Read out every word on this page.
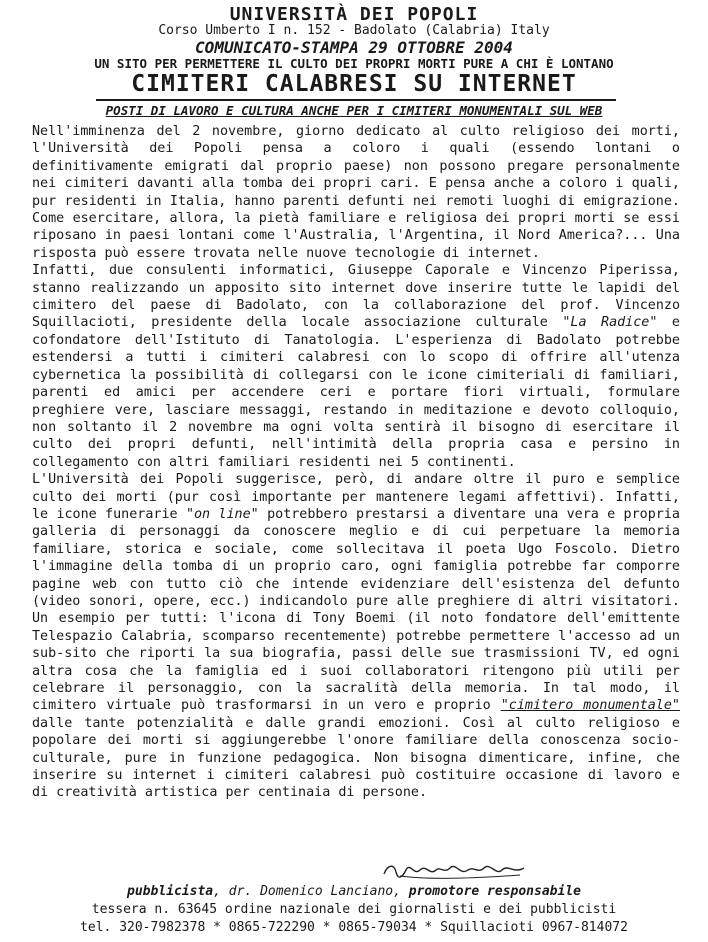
UNIVERSITÀ DEI POPOLI
Corso Umberto I n. 152 - Badolato (Calabria) Italy
COMUNICATO-STAMPA 29 OTTOBRE 2004
UN SITO PER PERMETTERE IL CULTO DEI PROPRI MORTI PURE A CHI È LONTANO
CIMITERI CALABRESI SU INTERNET
POSTI DI LAVORO E CULTURA ANCHE PER I CIMITERI MONUMENTALI SUL WEB

Nell'imminenza del 2 novembre, giorno dedicato al culto religioso dei morti, l'Università dei Popoli pensa a coloro i quali (essendo lontani o definitivamente emigrati dal proprio paese) non possono pregare personalmente nei cimiteri davanti alla tomba dei propri cari. E pensa anche a coloro i quali, pur residenti in Italia, hanno parenti defunti nei remoti luoghi di emigrazione. Come esercitare, allora, la pietà familiare e religiosa dei propri morti se essi riposano in paesi lontani come l'Australia, l'Argentina, il Nord America?... Una risposta può essere trovata nelle nuove tecnologie di internet.

Infatti, due consulenti informatici, Giuseppe Caporale e Vincenzo Piperissa, stanno realizzando un apposito sito internet dove inserire tutte le lapidi del cimitero del paese di Badolato, con la collaborazione del prof. Vincenzo Squillacioti, presidente della locale associazione culturale "La Radice" e cofondatore dell'Istituto di Tanatologia. L'esperienza di Badolato potrebbe estendersi a tutti i cimiteri calabresi con lo scopo di offrire all'utenza cybernetica la possibilità di collegarsi con le icone cimiteriali di familiari, parenti ed amici per accendere ceri e portare fiori virtuali, formulare preghiere vere, lasciare messaggi, restando in meditazione e devoto colloquio, non soltanto il 2 novembre ma ogni volta sentirà il bisogno di esercitare il culto dei propri defunti, nell'intimità della propria casa e persino in collegamento con altri familiari residenti nei 5 continenti.

L'Università dei Popoli suggerisce, però, di andare oltre il puro e semplice culto dei morti (pur così importante per mantenere legami affettivi). Infatti, le icone funerarie "on line" potrebbero prestarsi a diventare una vera e propria galleria di personaggi da conoscere meglio e di cui perpetuare la memoria familiare, storica e sociale, come sollecitava il poeta Ugo Foscolo. Dietro l'immagine della tomba di un proprio caro, ogni famiglia potrebbe far comporre pagine web con tutto ciò che intende evidenziare dell'esistenza del defunto (video sonori, opere, ecc.) indicandolo pure alle preghiere di altri visitatori. Un esempio per tutti: l'icona di Tony Boemi (il noto fondatore dell'emittente Telespazio Calabria, scomparso recentemente) potrebbe permettere l'accesso ad un sub-sito che riporti la sua biografia, passi delle sue trasmissioni TV, ed ogni altra cosa che la famiglia ed i suoi collaboratori ritengono più utili per celebrare il personaggio, con la sacralità della memoria. In tal modo, il cimitero virtuale può trasformarsi in un vero e proprio "cimitero monumentale" dalle tante potenzialità e dalle grandi emozioni. Così al culto religioso e popolare dei morti si aggiungerebbe l'onore familiare della conoscenza socio-culturale, pure in funzione pedagogica. Non bisogna dimenticare, infine, che inserire su internet i cimiteri calabresi può costituire occasione di lavoro e di creatività artistica per centinaia di persone.

pubblicista, dr. Domenico Lanciano, promotore responsabile
tessera n. 63645 ordine nazionale dei giornalisti e dei pubblicisti
tel. 320-7982378 * 0865-722290 * 0865-79034 * Squillacioti 0967-814072
